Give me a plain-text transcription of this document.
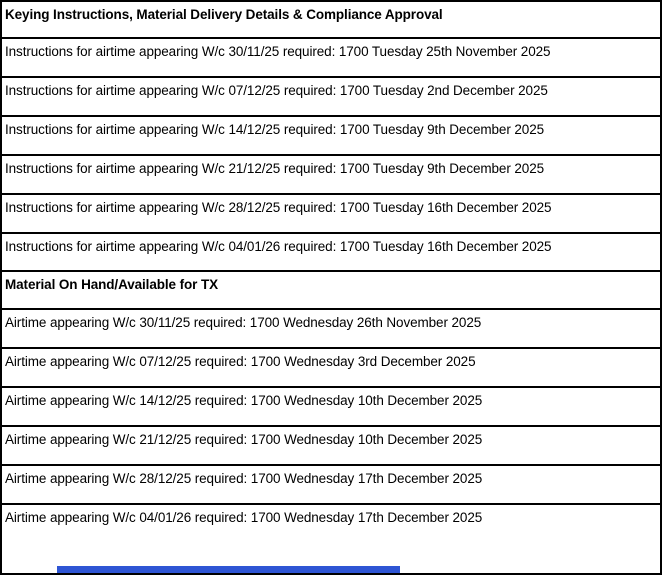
Keying Instructions, Material Delivery Details & Compliance Approval
Instructions for airtime appearing W/c 30/11/25 required: 1700 Tuesday 25th November 2025
Instructions for airtime appearing W/c 07/12/25 required: 1700 Tuesday 2nd December 2025
Instructions for airtime appearing W/c 14/12/25 required: 1700 Tuesday 9th December 2025
Instructions for airtime appearing W/c 21/12/25 required: 1700 Tuesday 9th December 2025
Instructions for airtime appearing W/c 28/12/25 required: 1700 Tuesday 16th December 2025
Instructions for airtime appearing W/c 04/01/26 required: 1700 Tuesday 16th December 2025
Material On Hand/Available for TX
Airtime appearing W/c 30/11/25 required: 1700 Wednesday 26th November 2025
Airtime appearing W/c 07/12/25 required: 1700 Wednesday 3rd December 2025
Airtime appearing W/c 14/12/25 required: 1700 Wednesday 10th December 2025
Airtime appearing W/c 21/12/25 required: 1700 Wednesday 10th December 2025
Airtime appearing W/c 28/12/25 required: 1700 Wednesday 17th December 2025
Airtime appearing W/c 04/01/26 required: 1700 Wednesday 17th December 2025
